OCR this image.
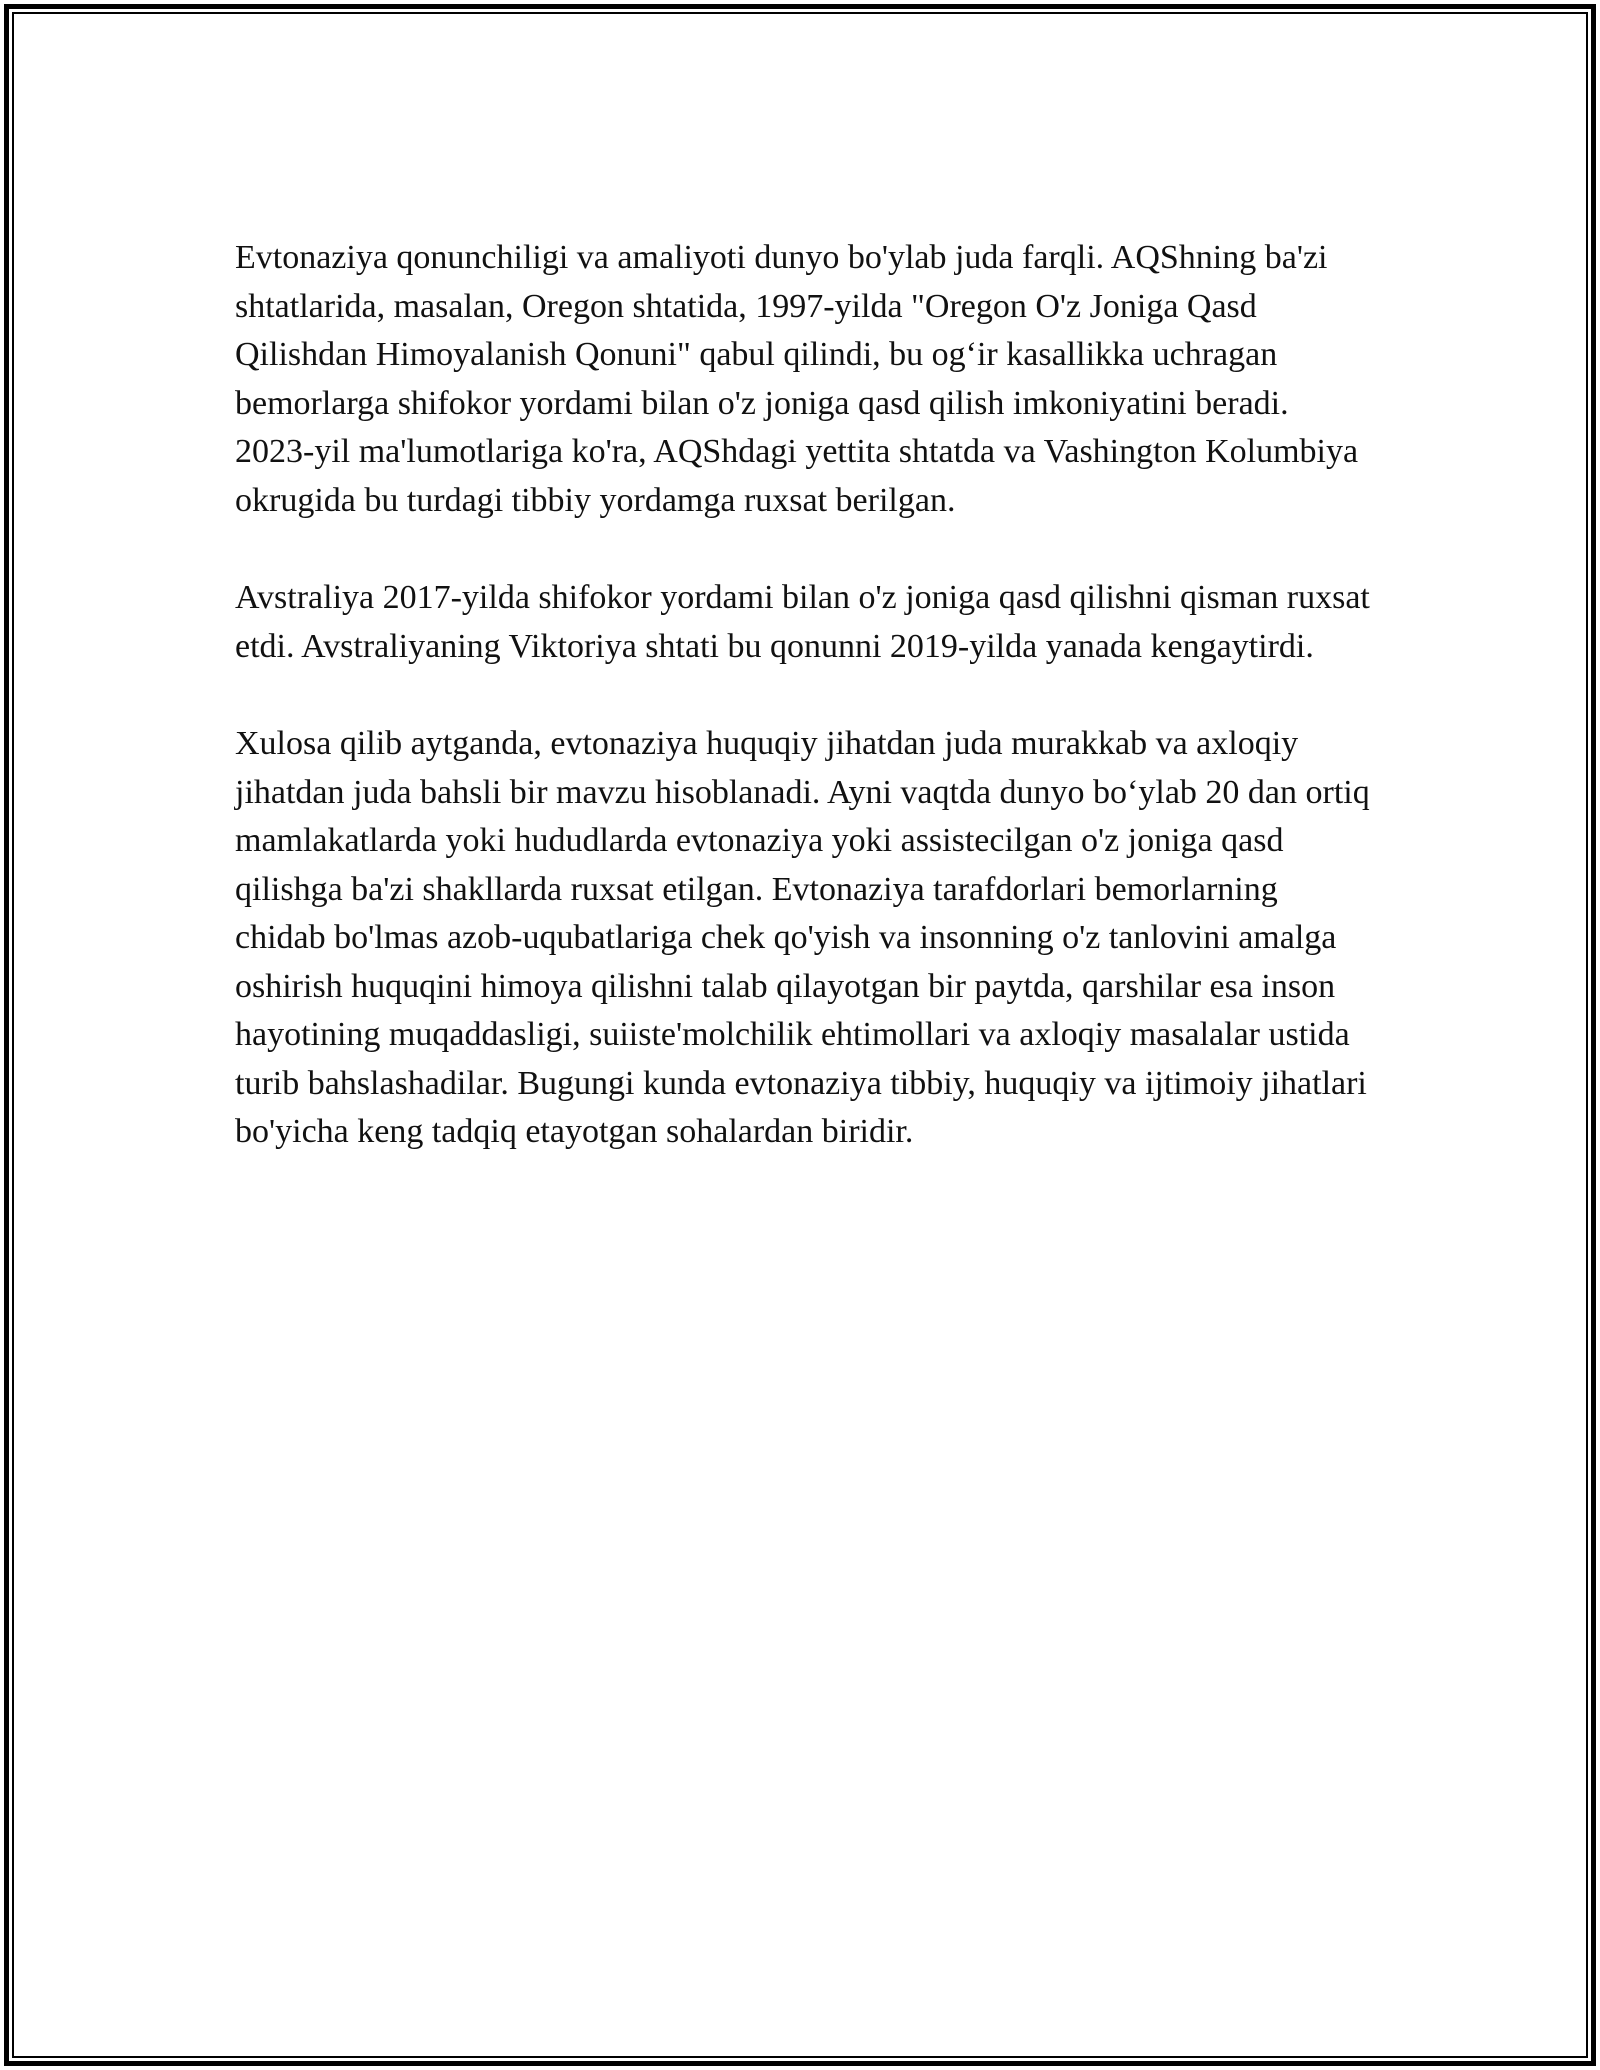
Evtonaziya qonunchiligi va amaliyoti dunyo bo'ylab juda farqli. AQShning ba'zi shtatlarida, masalan, Oregon shtatida, 1997-yilda "Oregon O'z Joniga Qasd Qilishdan Himoyalanish Qonuni" qabul qilindi, bu og‘ir kasallikka uchragan bemorlarga shifokor yordami bilan o'z joniga qasd qilish imkoniyatini beradi. 2023-yil ma'lumotlariga ko'ra, AQShdagi yettita shtatda va Vashington Kolumbiya okrugida bu turdagi tibbiy yordamga ruxsat berilgan.

Avstraliya 2017-yilda shifokor yordami bilan o'z joniga qasd qilishni qisman ruxsat etdi. Avstraliyaning Viktoriya shtati bu qonunni 2019-yilda yanada kengaytirdi.

Xulosa qilib aytganda, evtonaziya huquqiy jihatdan juda murakkab va axloqiy jihatdan juda bahsli bir mavzu hisoblanadi. Ayni vaqtda dunyo bo‘ylab 20 dan ortiq mamlakatlarda yoki hududlarda evtonaziya yoki assistecilgan o'z joniga qasd qilishga ba'zi shakllarda ruxsat etilgan. Evtonaziya tarafdorlari bemorlarning chidab bo'lmas azob-uqubatlariga chek qo'yish va insonning o'z tanlovini amalga oshirish huquqini himoya qilishni talab qilayotgan bir paytda, qarshilar esa inson hayotining muqaddasligi, suiiste'molchilik ehtimollari va axloqiy masalalar ustida turib bahslashadilar. Bugungi kunda evtonaziya tibbiy, huquqiy va ijtimoiy jihatlari bo'yicha keng tadqiq etayotgan sohalardan biridir.
